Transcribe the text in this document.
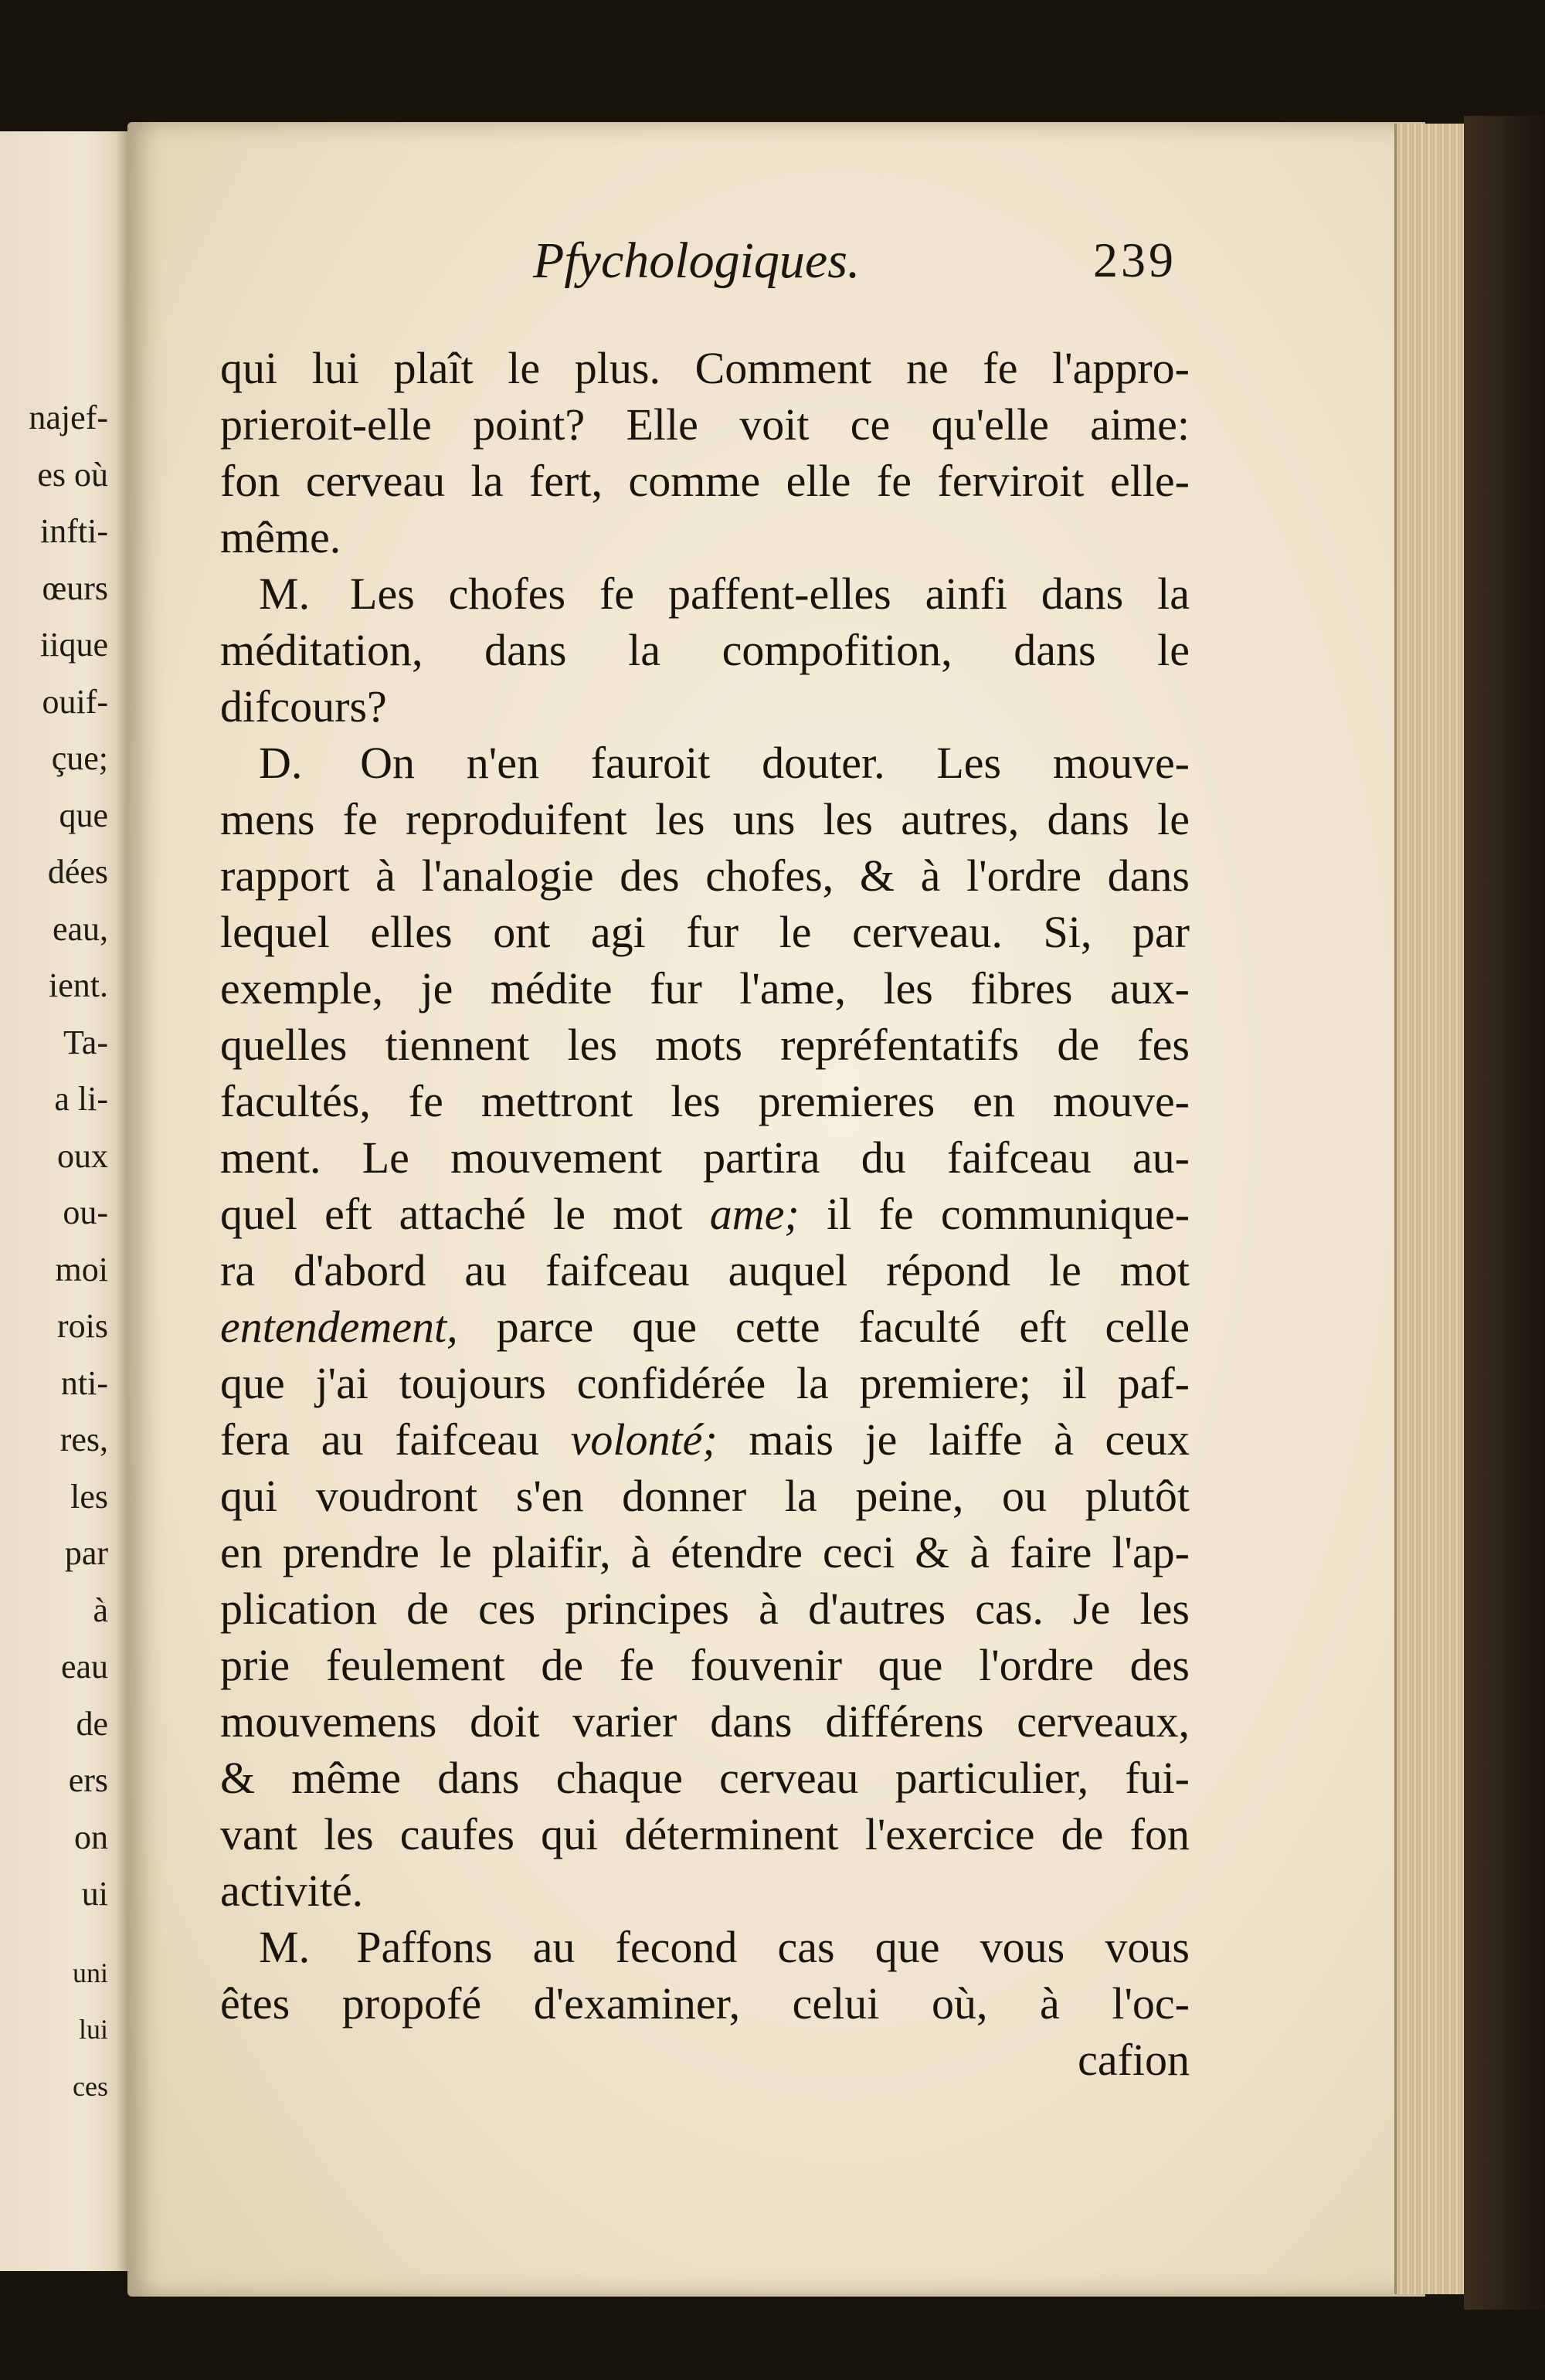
najef-
es où
infti-
œurs
iique
ouif-
çue;
que
dées
eau,
ient.
Ta-
a li-
oux
ou-
moi
rois
nti-
res,
les
par
à
eau
de
ers
on
ui
uni
lui
ces
Pfychologiques.	239
qui lui plaît le plus. Comment ne fe l'appro-
prieroit-elle point? Elle voit ce qu'elle aime:
fon cerveau la fert, comme elle fe ferviroit elle-
même.
M. Les chofes fe paffent-elles ainfi dans la
méditation, dans la compofition, dans le
difcours?
D. On n'en fauroit douter. Les mouve-
mens fe reproduifent les uns les autres, dans le
rapport à l'analogie des chofes, & à l'ordre dans
lequel elles ont agi fur le cerveau. Si, par
exemple, je médite fur l'ame, les fibres aux-
quelles tiennent les mots repréfentatifs de fes
facultés, fe mettront les premieres en mouve-
ment. Le mouvement partira du faifceau au-
quel eft attaché le mot ame; il fe communique-
ra d'abord au faifceau auquel répond le mot
entendement, parce que cette faculté eft celle
que j'ai toujours confidérée la premiere; il paf-
fera au faifceau volonté; mais je laiffe à ceux
qui voudront s'en donner la peine, ou plutôt
en prendre le plaifir, à étendre ceci & à faire l'ap-
plication de ces principes à d'autres cas. Je les
prie feulement de fe fouvenir que l'ordre des
mouvemens doit varier dans différens cerveaux,
& même dans chaque cerveau particulier, fui-
vant les caufes qui déterminent l'exercice de fon
activité.
M. Paffons au fecond cas que vous vous
êtes propofé d'examiner, celui où, à l'oc-
cafion
